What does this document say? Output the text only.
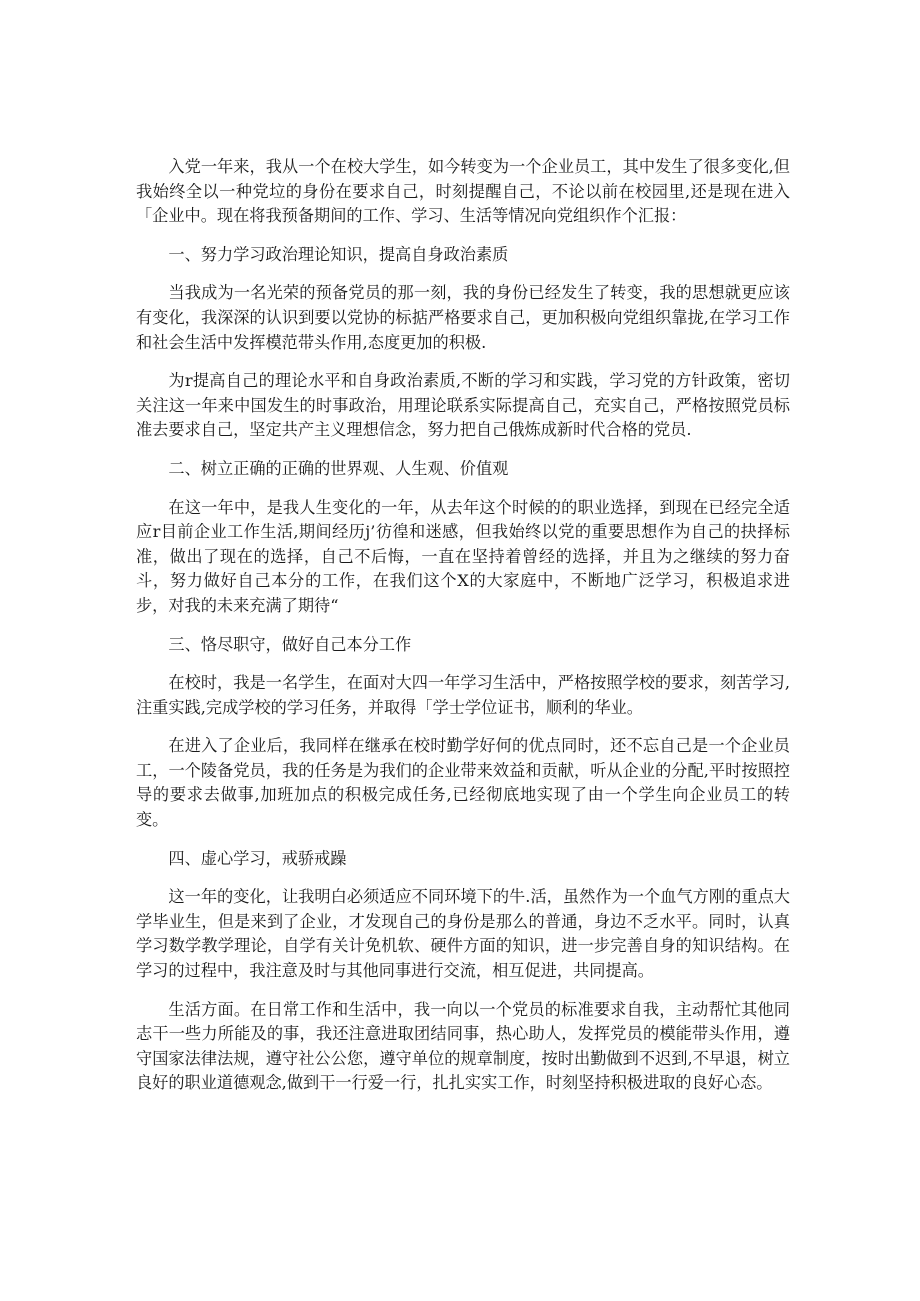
入党一年来，我从一个在校大学生，如今转变为一个企业员工，其中发生了很多变化,但我始终全以一种党垃的身份在要求自己，时刻提醒自己，不论以前在校园里,还是现在进入「企业中。现在将我预备期间的工作、学习、生活等情况向党组织作个汇报：

一、努力学习政治理论知识，提高自身政治素质

当我成为一名光荣的预备党员的那一刻，我的身份已经发生了转变，我的思想就更应该有变化，我深深的认识到要以党协的标掂严格要求自己，更加积极向党组织靠拢,在学习工作和社会生活中发挥模范带头作用,态度更加的积极.

为r提高自己的理论水平和自身政治素质,不断的学习和实践，学习党的方针政策，密切关注这一年来中国发生的时事政治，用理论联系实际提高自己，充实自己，严格按照党员标准去要求自己，坚定共产主义理想信念，努力把自己俄炼成新时代合格的党员.

二、树立正确的正确的世界观、人生观、价值观

在这一年中，是我人生变化的一年，从去年这个时候的的职业选择，到现在已经完全适应r目前企业工作生活,期间经历j’彷徨和迷感，但我始终以党的重要思想作为自己的抉择标准，做出了现在的选择，自己不后悔，一直在坚持着曾经的选择，并且为之继续的努力奋斗，努力做好自己本分的工作，在我们这个X的大家庭中，不断地广泛学习，积极追求进步，对我的未来充满了期待“

三、恪尽职守，做好自己本分工作

在校时，我是一名学生，在面对大四一年学习生活中，严格按照学校的要求，刻苦学习,注重实践,完成学校的学习任务，并取得「学士学位证书，顺利的华业。

在进入了企业后，我同样在继承在校时勤学好何的优点同时，还不忘自己是一个企业员工，一个陵备党员，我的任务是为我们的企业带来效益和贡献，听从企业的分配,平时按照控导的要求去做事,加班加点的积极完成任务,已经彻底地实现了由一个学生向企业员工的转变。

四、虚心学习，戒骄戒躁

这一年的变化，让我明白必须适应不同环境下的牛.活，虽然作为一个血气方刚的重点大学毕业生，但是来到了企业，才发现自己的身份是那么的普通，身边不乏水平。同时，认真学习数学教学理论，自学有关计免机软、硬件方面的知识，进一步完善自身的知识结构。在学习的过程中，我注意及时与其他同事进行交流，相互促进，共同提高。

生活方面。在日常工作和生活中，我一向以一个党员的标准要求自我，主动帮忙其他同志干一些力所能及的事，我还注意进取团结同事，热心助人，发挥党员的模能带头作用，遵守国家法律法规，遵守社公公您，遵守单位的规章制度，按时出勤做到不迟到,不早退，树立良好的职业道德观念,做到干一行爱一行，扎扎实实工作，时刻坚持积极进取的良好心态。
